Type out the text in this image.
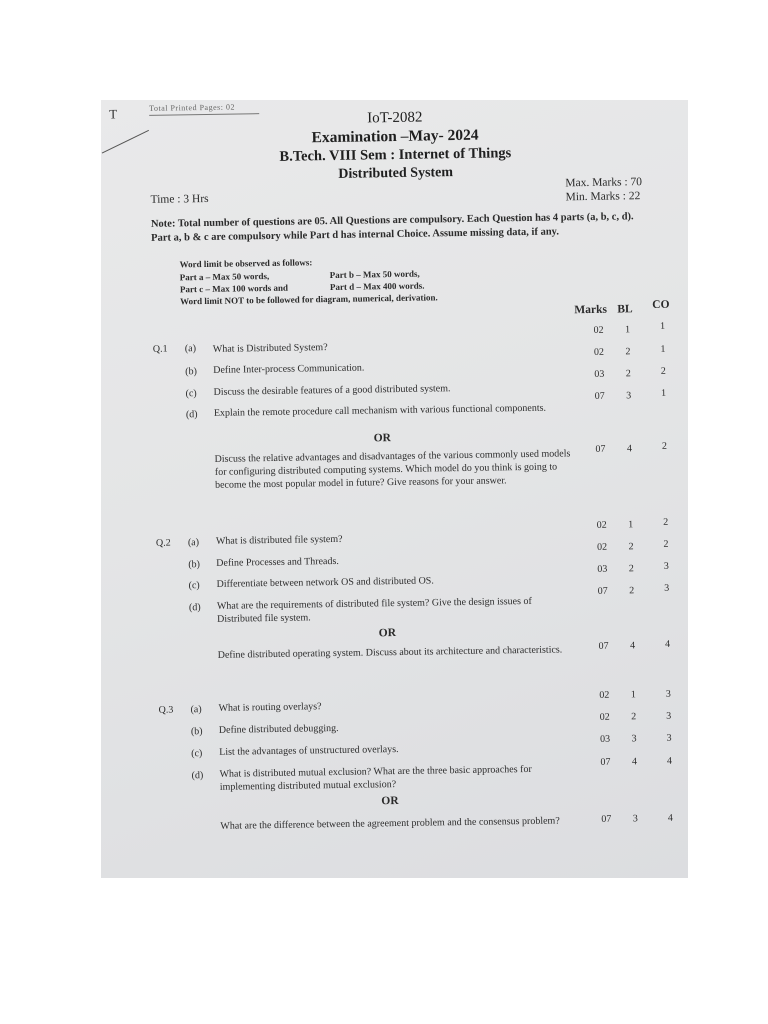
T	Total Printed Pages: 02
IoT-2082
Examination –May- 2024
B.Tech. VIII Sem : Internet of Things
Distributed System
Time : 3 Hrs
Max. Marks : 70
Min. Marks : 22
Note: Total number of questions are 05. All Questions are compulsory. Each Question has 4 parts (a, b, c, d). Part a, b & c are compulsory while Part d has internal Choice. Assume missing data, if any.
Word limit be observed as follows:
Part a – Max 50 words,	Part b – Max 50 words,
Part c – Max 100 words and	Part d – Max 400 words.
Word limit NOT to be followed for diagram, numerical, derivation.
Marks BL CO
Q.1 (a) What is Distributed System?
02	1	1
(b) Define Inter-process Communication.
02	2	1
(c) Discuss the desirable features of a good distributed system.
03	2	2
(d) Explain the remote procedure call mechanism with various functional components.
07	3	1
OR
Discuss the relative advantages and disadvantages of the various commonly used models for configuring distributed computing systems. Which model do you think is going to become the most popular model in future? Give reasons for your answer.
07	4	2
Q.2 (a) What is distributed file system?
02	1	2
(b) Define Processes and Threads.
02	2	2
(c) Differentiate between network OS and distributed OS.
03	2	3
(d) What are the requirements of distributed file system? Give the design issues of Distributed file system.
07	2	3
OR
Define distributed operating system. Discuss about its architecture and characteristics.	07	4	4
Q.3 (a) What is routing overlays?
02	1	3
(b) Define distributed debugging.
02	2	3
(c) List the advantages of unstructured overlays.
03	3	3
(d) What is distributed mutual exclusion? What are the three basic approaches for implementing distributed mutual exclusion?
07	4	4
OR
What are the difference between the agreement problem and the consensus problem?	07	3	4
